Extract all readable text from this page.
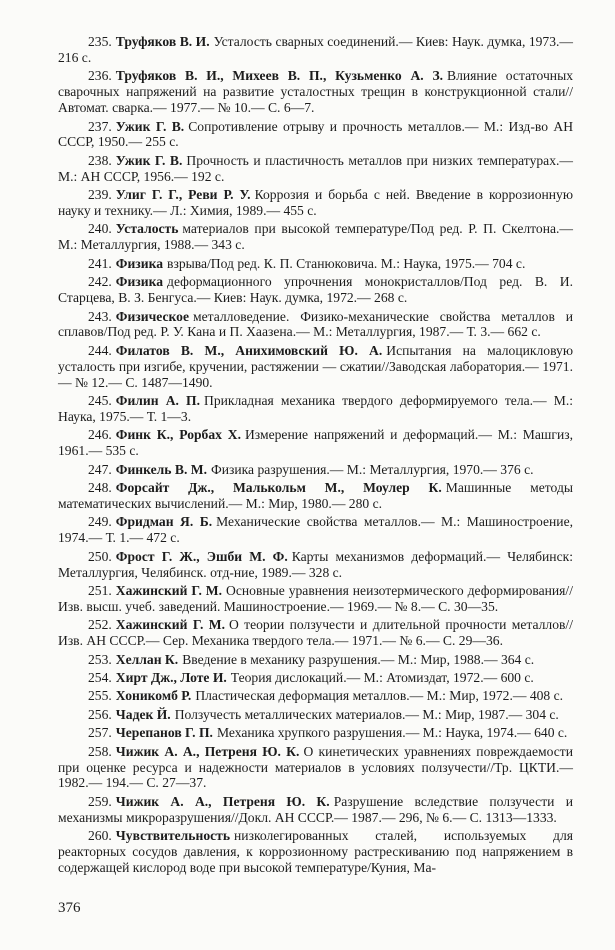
235. Труфяков В. И. Усталость сварных соединений.— Киев: Наук. думка, 1973.— 216 с.

236. Труфяков В. И., Михеев В. П., Кузьменко А. З. Влияние остаточных сварочных напряжений на развитие усталостных трещин в конструкционной стали//Автомат. сварка.— 1977.— № 10.— С. 6—7.

237. Ужик Г. В. Сопротивление отрыву и прочность металлов.— М.: Изд-во АН СССР, 1950.— 255 с.

238. Ужик Г. В. Прочность и пластичность металлов при низких температурах.— М.: АН СССР, 1956.— 192 с.

239. Улиг Г. Г., Реви Р. У. Коррозия и борьба с ней. Введение в коррозионную науку и технику.— Л.: Химия, 1989.— 455 с.

240. Усталость материалов при высокой температуре/Под ред. Р. П. Скелтона.— М.: Металлургия, 1988.— 343 с.

241. Физика взрыва/Под ред. К. П. Станюковича. М.: Наука, 1975.— 704 с.

242. Физика деформационного упрочнения монокристаллов/Под ред. В. И. Старцева, В. З. Бенгуса.— Киев: Наук. думка, 1972.— 268 с.

243. Физическое металловедение. Физико-механические свойства металлов и сплавов/Под ред. Р. У. Кана и П. Хаазена.— М.: Металлургия, 1987.— Т. 3.— 662 с.

244. Филатов В. М., Анихимовский Ю. А. Испытания на малоцикловую усталость при изгибе, кручении, растяжении — сжатии//Заводская лаборатория.— 1971.— № 12.— С. 1487—1490.

245. Филин А. П. Прикладная механика твердого деформируемого тела.— М.: Наука, 1975.— Т. 1—3.

246. Финк К., Рорбах Х. Измерение напряжений и деформаций.— М.: Машгиз, 1961.— 535 с.

247. Финкель В. М. Физика разрушения.— М.: Металлургия, 1970.— 376 с.

248. Форсайт Дж., Малькольм М., Моулер К. Машинные методы математических вычислений.— М.: Мир, 1980.— 280 с.

249. Фридман Я. Б. Механические свойства металлов.— М.: Машиностроение, 1974.— Т. 1.— 472 с.

250. Фрост Г. Ж., Эшби М. Ф. Карты механизмов деформаций.— Челябинск: Металлургия, Челябинск. отд-ние, 1989.— 328 с.

251. Хажинский Г. М. Основные уравнения неизотермического деформирования//Изв. высш. учеб. заведений. Машиностроение.— 1969.— № 8.— С. 30—35.

252. Хажинский Г. М. О теории ползучести и длительной прочности металлов//Изв. АН СССР.— Сер. Механика твердого тела.— 1971.— № 6.— С. 29—36.

253. Хеллан К. Введение в механику разрушения.— М.: Мир, 1988.— 364 с.

254. Хирт Дж., Лоте И. Теория дислокаций.— М.: Атомиздат, 1972.— 600 с.

255. Хоникомб Р. Пластическая деформация металлов.— М.: Мир, 1972.— 408 с.

256. Чадек Й. Ползучесть металлических материалов.— М.: Мир, 1987.— 304 с.

257. Черепанов Г. П. Механика хрупкого разрушения.— М.: Наука, 1974.— 640 с.

258. Чижик А. А., Петреня Ю. К. О кинетических уравнениях повреждаемости при оценке ресурса и надежности материалов в условиях ползучести//Тр. ЦКТИ.— 1982.— 194.— С. 27—37.

259. Чижик А. А., Петреня Ю. К. Разрушение вследствие ползучести и механизмы микроразрушения//Докл. АН СССР.— 1987.— 296, № 6.— С. 1313—1333.

260. Чувствительность низколегированных сталей, используемых для реакторных сосудов давления, к коррозионному растрескиванию под напряжением в содержащей кислород воде при высокой температуре/Куния, Ма-

376
